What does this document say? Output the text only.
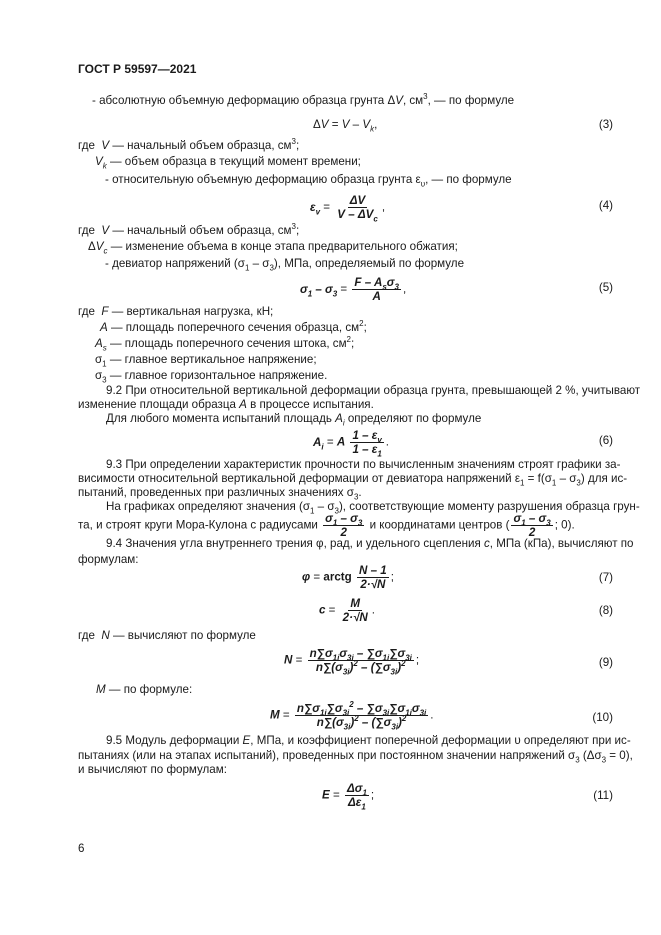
ГОСТ Р 59597—2021
- абсолютную объемную деформацию образца грунта ΔV, $см^3$, — по формуле
$\Delta V = V - V_k$,	(3)
где  V — начальный объем образца, $см^3$;
$V_k$ — объем образца в текущий момент времени;
- относительную объемную деформацию образца грунта $\varepsilon_\upsilon$, — по формуле
$\varepsilon_v = \frac{\Delta V}{V - \Delta V_c}$ ,	(4)
где  V — начальный объем образца, $см^3$;
$\Delta V_c$ — изменение объема в конце этапа предварительного обжатия;
- девиатор напряжений $(\sigma_1 - \sigma_3)$, МПа, определяемый по формуле
$\sigma_1 - \sigma_3 = \frac{F - A_s\sigma_3}{A}$ ,	(5)
где  F — вертикальная нагрузка, кН;
A — площадь поперечного сечения образца, $см^2$;
$A_s$ — площадь поперечного сечения штока, $см^2$;
$\sigma_1$ — главное вертикальное напряжение;
$\sigma_3$ — главное горизонтальное напряжение.
9.2 При относительной вертикальной деформации образца грунта, превышающей 2 %, учитывают
изменение площади образца A в процессе испытания.
Для любого момента испытаний площадь $A_i$ определяют по формуле
$A_i = A \frac{1 - \varepsilon_v}{1 - \varepsilon_1}$ .	(6)
9.3 При определении характеристик прочности по вычисленным значениям строят графики за-
висимости относительной вертикальной деформации от девиатора напряжений $\varepsilon_1 = f(\sigma_1 - \sigma_3)$ для ис-
пытаний, проведенных при различных значениях $\sigma_3$.
На графиках определяют значения $(\sigma_1 - \sigma_3)$, соответствующие моменту разрушения образца грун-
та, и строят круги Мора-Кулона с радиусами $\frac{\sigma_1 - \sigma_3}{2}$ и координатами центров ( $\frac{\sigma_1 - \sigma_3}{2}$ ; 0).
9.4 Значения угла внутреннего трения φ, рад, и удельного сцепления c, МПа (кПа), вычисляют по
формулам:
φ = arctg $\frac{N - 1}{2\cdot√N}$ ;	(7)
$c = \frac{M}{2\cdot√N}$ .	(8)
где  N — вычисляют по формуле
$N = \frac{n\sum\sigma_{1i}\sigma_{3i} - \sum\sigma_{1i}\sum\sigma_{3i}}{n\sum(\sigma_{3i})^2 - (\sum\sigma_{3i})^2}$ ;	(9)
M — по формуле:
$M = \frac{n\sum\sigma_{1i}\sum\sigma_{3i}^2 - \sum\sigma_{3i}\sum\sigma_{1i}\sigma_{3i}}{n\sum(\sigma_{3i})^2 - (\sum\sigma_{3i})^2}$ .	(10)
9.5 Модуль деформации E, МПа, и коэффициент поперечной деформации υ определяют при ис-
пытаниях (или на этапах испытаний), проведенных при постоянном значении напряжений $\sigma_3$ $(\Delta\sigma_3 = 0)$,
и вычисляют по формулам:
$E = \frac{\Delta\sigma_1}{\Delta\varepsilon_1}$ ;	(11)
6
